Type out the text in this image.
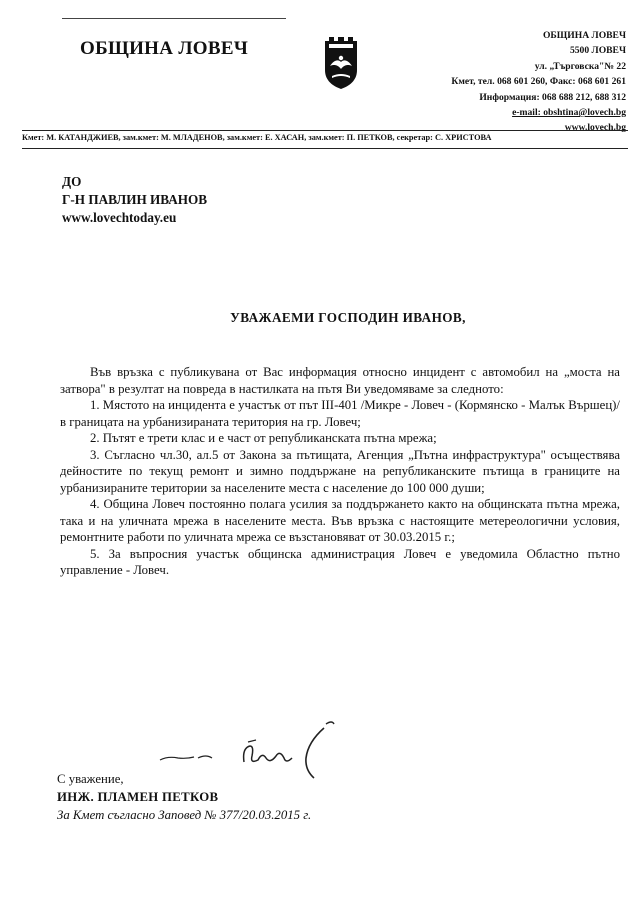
ОБЩИНА ЛОВЕЧ
ОБЩИНА ЛОВЕЧ
5500 ЛОВЕЧ
ул. „Търговска"№ 22
Кмет, тел. 068 601 260, Факс: 068 601 261
Информация: 068 688 212, 688 312
e-mail: obshtina@lovech.bg
www.lovech.bg
Кмет: М. КАТАНДЖИЕВ, зам.кмет: М. МЛАДЕНОВ, зам.кмет: Е. ХАСАН, зам.кмет: П. ПЕТКОВ, секретар: С. ХРИСТОВА
ДО
Г-Н ПАВЛИН ИВАНОВ
www.lovechtoday.eu
УВАЖАЕМИ ГОСПОДИН ИВАНОВ,

Във връзка с публикувана от Вас информация относно инцидент с автомобил на „моста на затвора" в резултат на повреда в настилката на пътя Ви уведомяваме за следното:

1. Мястото на инцидента е участък от път III-401 /Микре - Ловеч - (Кормянско - Малък Вършец)/ в границата на урбанизираната територия на гр. Ловеч;

2. Пътят е трети клас и е част от републиканската пътна мрежа;

3. Съгласно чл.30, ал.5 от Закона за пътищата, Агенция „Пътна инфраструктура" осъществява дейностите по текущ ремонт и зимно поддържане на републиканските пътища в границите на урбанизираните територии за населените места с население до 100 000 души;

4. Община Ловеч постоянно полага усилия за поддържането както на общинската пътна мрежа, така и на уличната мрежа в населените места. Във връзка с настоящите метереологични условия, ремонтните работи по уличната мрежа се възстановяват от 30.03.2015 г.;

5. За въпросния участък общинска администрация Ловеч е уведомила Областно пътно управление - Ловеч.

С уважение,
ИНЖ. ПЛАМЕН ПЕТКОВ
За Кмет съгласно Заповед № 377/20.03.2015 г.
